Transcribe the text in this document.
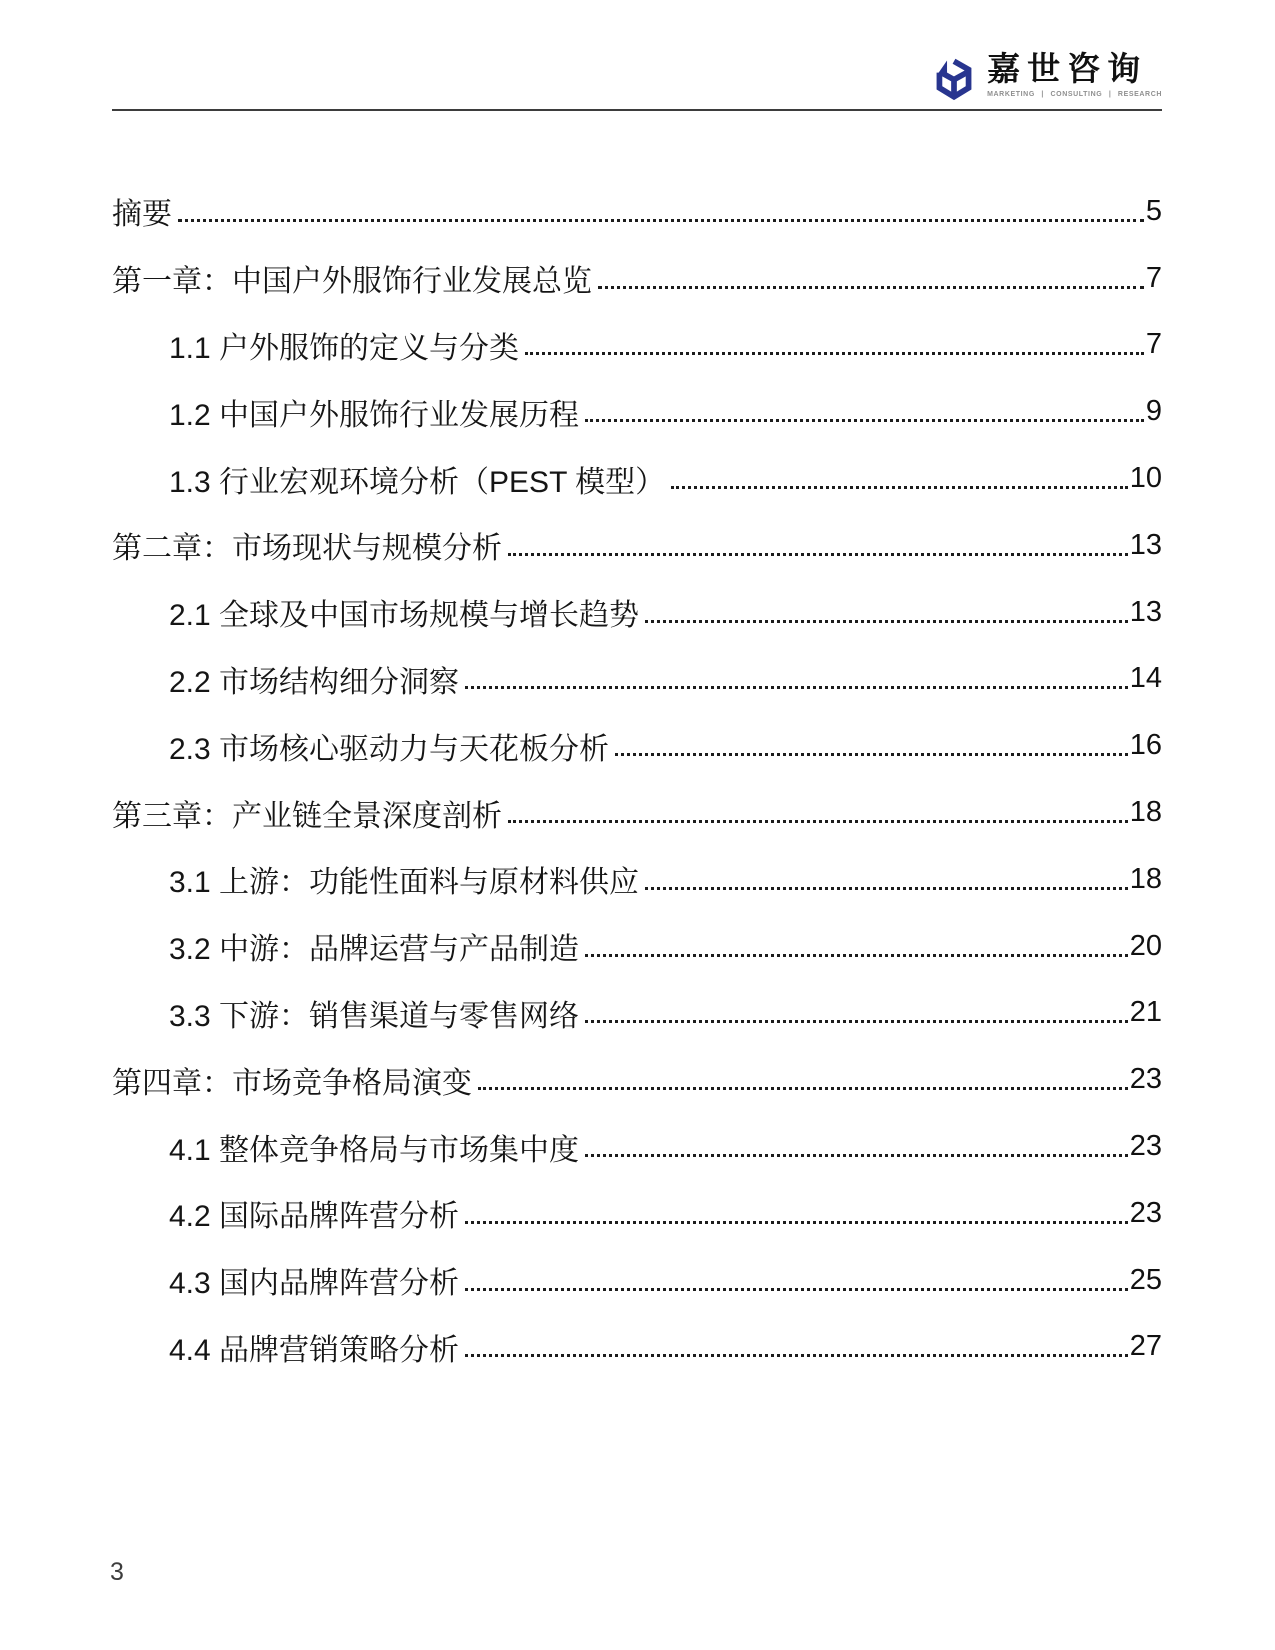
嘉世咨询
MARKETING | CONSULTING | RESEARCH
摘要	5
第一章：中国户外服饰行业发展总览	7
1.1 户外服饰的定义与分类	7
1.2 中国户外服饰行业发展历程	9
1.3 行业宏观环境分析（PEST 模型）	10
第二章：市场现状与规模分析	13
2.1 全球及中国市场规模与增长趋势	13
2.2 市场结构细分洞察	14
2.3 市场核心驱动力与天花板分析	16
第三章：产业链全景深度剖析	18
3.1 上游：功能性面料与原材料供应	18
3.2 中游：品牌运营与产品制造	20
3.3 下游：销售渠道与零售网络	21
第四章：市场竞争格局演变	23
4.1 整体竞争格局与市场集中度	23
4.2 国际品牌阵营分析	23
4.3 国内品牌阵营分析	25
4.4 品牌营销策略分析	27
3
